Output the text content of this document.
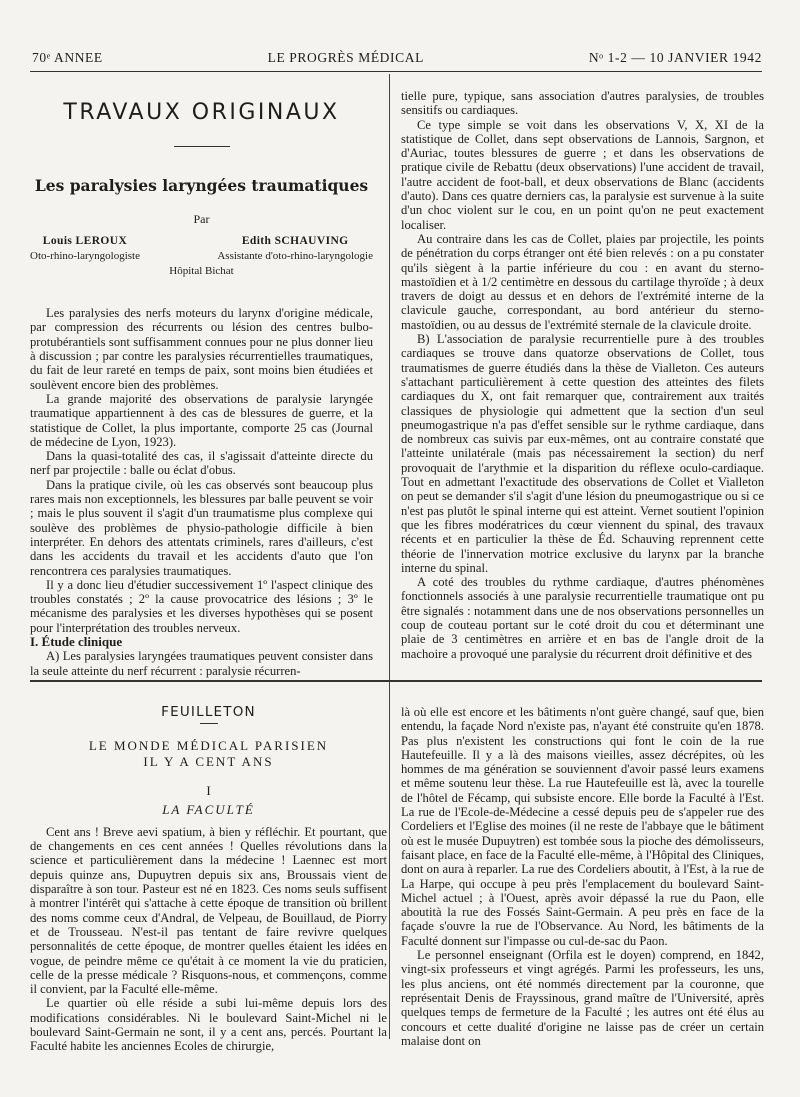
70ᵉ ANNEE	LE PROGRÈS MÉDICAL	Nᵒ 1-2 — 10 JANVIER 1942
TRAVAUX ORIGINAUX
Les paralysies laryngées traumatiques
Par
Louis LEROUX
Oto-rhino-laryngologiste
Edith SCHAUVING
Assistante d'oto-rhino-laryngologie
Hôpital Bichat

Les paralysies des nerfs moteurs du larynx d'origine médicale, par compression des récurrents ou lésion des centres bulbo-protubérantiels sont suffisamment connues pour ne plus donner lieu à discussion ; par contre les paralysies récurrentielles traumatiques, du fait de leur rareté en temps de paix, sont moins bien étudiées et soulèvent encore bien des problèmes.

La grande majorité des observations de paralysie laryngée traumatique appartiennent à des cas de blessures de guerre, et la statistique de Collet, la plus importante, comporte 25 cas (Journal de médecine de Lyon, 1923).

Dans la quasi-totalité des cas, il s'agissait d'atteinte directe du nerf par projectile : balle ou éclat d'obus.

Dans la pratique civile, où les cas observés sont beaucoup plus rares mais non exceptionnels, les blessures par balle peuvent se voir ; mais le plus souvent il s'agit d'un traumatisme plus complexe qui soulève des problèmes de physio-pathologie difficile à bien interpréter. En dehors des attentats criminels, rares d'ailleurs, c'est dans les accidents du travail et les accidents d'auto que l'on rencontrera ces paralysies traumatiques.

Il y a donc lieu d'étudier successivement 1º l'aspect clinique des troubles constatés ; 2º la cause provocatrice des lésions ; 3º le mécanisme des paralysies et les diverses hypothèses qui se posent pour l'interprétation des troubles nerveux.

I. Étude clinique

A) Les paralysies laryngées traumatiques peuvent consister dans la seule atteinte du nerf récurrent : paralysie récurren-

tielle pure, typique, sans association d'autres paralysies, de troubles sensitifs ou cardiaques.

Ce type simple se voit dans les observations V, X, XI de la statistique de Collet, dans sept observations de Lannois, Sargnon, et d'Auriac, toutes blessures de guerre ; et dans les observations de pratique civile de Rebattu (deux observations) l'une accident de travail, l'autre accident de foot-ball, et deux observations de Blanc (accidents d'auto). Dans ces quatre derniers cas, la paralysie est survenue à la suite d'un choc violent sur le cou, en un point qu'on ne peut exactement localiser.

Au contraire dans les cas de Collet, plaies par projectile, les points de pénétration du corps étranger ont été bien relevés : on a pu constater qu'ils siègent à la partie inférieure du cou : en avant du sterno-mastoïdien et à 1/2 centimètre en dessous du cartilage thyroïde ; à deux travers de doigt au dessus et en dehors de l'extrémité interne de la clavicule gauche, correspondant, au bord antérieur du sterno-mastoïdien, ou au dessus de l'extrémité sternale de la clavicule droite.

B) L'association de paralysie recurrentielle pure à des troubles cardiaques se trouve dans quatorze observations de Collet, tous traumatismes de guerre étudiés dans la thèse de Vialleton. Ces auteurs s'attachant particulièrement à cette question des atteintes des filets cardiaques du X, ont fait remarquer que, contrairement aux traités classiques de physiologie qui admettent que la section d'un seul pneumogastrique n'a pas d'effet sensible sur le rythme cardiaque, dans de nombreux cas suivis par eux-mêmes, ont au contraire constaté que l'atteinte unilatérale (mais pas nécessairement la section) du nerf provoquait de l'arythmie et la disparition du réflexe oculo-cardiaque. Tout en admettant l'exactitude des observations de Collet et Vialleton on peut se demander s'il s'agit d'une lésion du pneumogastrique ou si ce n'est pas plutôt le spinal interne qui est atteint. Vernet soutient l'opinion que les fibres modératrices du cœur viennent du spinal, des travaux récents et en particulier la thèse de Éd. Schauving reprennent cette théorie de l'innervation motrice exclusive du larynx par la branche interne du spinal.

A coté des troubles du rythme cardiaque, d'autres phénomènes fonctionnels associés à une paralysie recurrentielle traumatique ont pu être signalés : notamment dans une de nos observations personnelles un coup de couteau portant sur le coté droit du cou et déterminant une plaie de 3 centimètres en arrière et en bas de l'angle droit de la machoire a provoqué une paralysie du récurrent droit définitive et des

FEUILLETON
LE MONDE MÉDICAL PARISIEN
IL Y A CENT ANS
I
LA FACULTÉ

Cent ans ! Breve aevi spatium, à bien y réfléchir. Et pourtant, que de changements en ces cent années ! Quelles révolutions dans la science et particulièrement dans la médecine ! Laennec est mort depuis quinze ans, Dupuytren depuis six ans, Broussais vient de disparaître à son tour. Pasteur est né en 1823. Ces noms seuls suffisent à montrer l'intérêt qui s'attache à cette époque de transition où brillent des noms comme ceux d'Andral, de Velpeau, de Bouillaud, de Piorry et de Trousseau. N'est-il pas tentant de faire revivre quelques personnalités de cette époque, de montrer quelles étaient les idées en vogue, de peindre même ce qu'était à ce moment la vie du praticien, celle de la presse médicale ? Risquons-nous, et commençons, comme il convient, par la Faculté elle-même.

Le quartier où elle réside a subi lui-même depuis lors des modifications considérables. Ni le boulevard Saint-Michel ni le boulevard Saint-Germain ne sont, il y a cent ans, percés. Pourtant la Faculté habite les anciennes Ecoles de chirurgie,

là où elle est encore et les bâtiments n'ont guère changé, sauf que, bien entendu, la façade Nord n'existe pas, n'ayant été construite qu'en 1878. Pas plus n'existent les constructions qui font le coin de la rue Hautefeuille. Il y a là des maisons vieilles, assez décrépites, où les hommes de ma génération se souviennent d'avoir passé leurs examens et même soutenu leur thèse. La rue Hautefeuille est là, avec la tourelle de l'hôtel de Fécamp, qui subsiste encore. Elle borde la Faculté à l'Est. La rue de l'Ecole-de-Médecine a cessé depuis peu de s'appeler rue des Cordeliers et l'Eglise des moines (il ne reste de l'abbaye que le bâtiment où est le musée Dupuytren) est tombée sous la pioche des démolisseurs, faisant place, en face de la Faculté elle-même, à l'Hôpital des Cliniques, dont on aura à reparler. La rue des Cordeliers aboutit, à l'Est, à la rue de La Harpe, qui occupe à peu près l'emplacement du boulevard Saint-Michel actuel ; à l'Ouest, après avoir dépassé la rue du Paon, elle aboutità la rue des Fossés Saint-Germain. A peu près en face de la façade s'ouvre la rue de l'Observance. Au Nord, les bâtiments de la Faculté donnent sur l'impasse ou cul-de-sac du Paon.

Le personnel enseignant (Orfila est le doyen) comprend, en 1842, vingt-six professeurs et vingt agrégés. Parmi les professeurs, les uns, les plus anciens, ont été nommés directement par la couronne, que représentait Denis de Frayssinous, grand maître de l'Université, après quelques temps de fermeture de la Faculté ; les autres ont été élus au concours et cette dualité d'origine ne laisse pas de créer un certain malaise dont on
